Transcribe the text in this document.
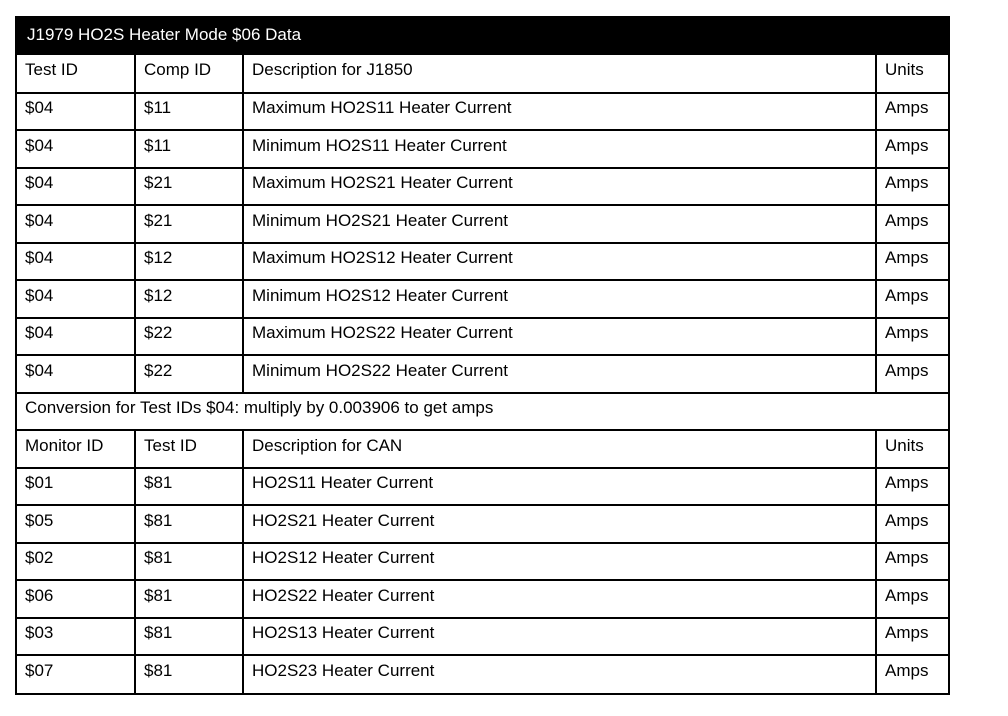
J1979 HO2S Heater Mode $06 Data
Test ID	Comp ID	Description for J1850	Units
$04	$11	Maximum HO2S11 Heater Current	Amps
$04	$11	Minimum HO2S11 Heater Current	Amps
$04	$21	Maximum HO2S21 Heater Current	Amps
$04	$21	Minimum HO2S21 Heater Current	Amps
$04	$12	Maximum HO2S12 Heater Current	Amps
$04	$12	Minimum HO2S12 Heater Current	Amps
$04	$22	Maximum HO2S22 Heater Current	Amps
$04	$22	Minimum HO2S22 Heater Current	Amps
Conversion for Test IDs $04: multiply by 0.003906 to get amps			
Monitor ID	Test ID	Description for CAN	Units
$01	$81	HO2S11 Heater Current	Amps
$05	$81	HO2S21 Heater Current	Amps
$02	$81	HO2S12 Heater Current	Amps
$06	$81	HO2S22 Heater Current	Amps
$03	$81	HO2S13 Heater Current	Amps
$07	$81	HO2S23 Heater Current	Amps
